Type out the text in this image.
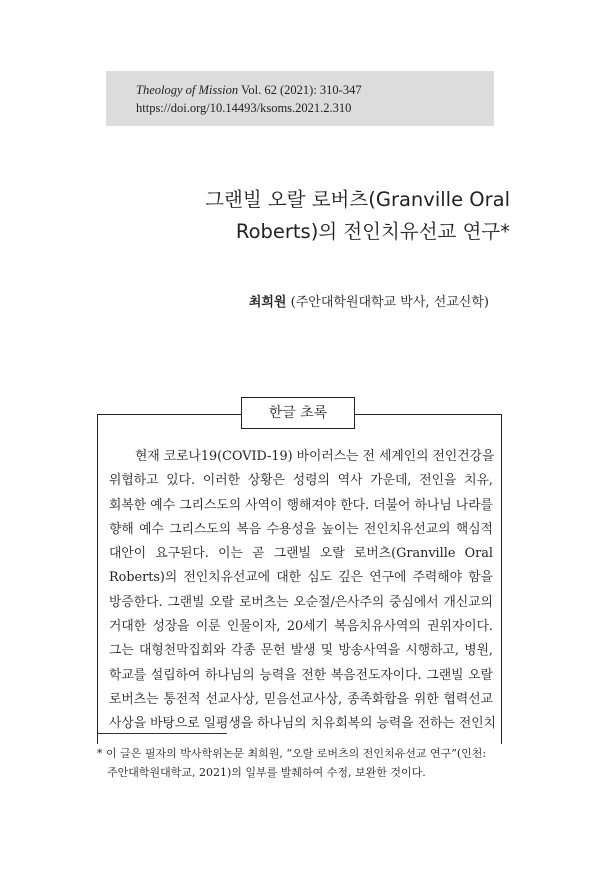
Theology of Mission Vol. 62 (2021): 310-347
https://doi.org/10.14493/ksoms.2021.2.310
그랜빌 오랄 로버츠(Granville Oral
Roberts)의 전인치유선교 연구*
최희원 (주안대학원대학교 박사, 선교신학)
한글 초록
현재 코로나19(COVID-19) 바이러스는 전 세계인의 전인건강을
위협하고 있다. 이러한 상황은 성령의 역사 가운데, 전인을 치유,
회복한 예수 그리스도의 사역이 행해져야 한다. 더불어 하나님 나라를
향해 예수 그리스도의 복음 수용성을 높이는 전인치유선교의 핵심적
대안이 요구된다. 이는 곧 그랜빌 오랄 로버츠(Granville Oral
Roberts)의 전인치유선교에 대한 심도 깊은 연구에 주력해야 함을
방증한다. 그랜빌 오랄 로버츠는 오순절/은사주의 중심에서 개신교의
거대한 성장을 이룬 인물이자, 20세기 복음치유사역의 권위자이다.
그는 대형천막집회와 각종 문헌 발생 및 방송사역을 시행하고, 병원,
학교를 설립하여 하나님의 능력을 전한 복음전도자이다. 그랜빌 오랄
로버츠는 통전적 선교사상, 믿음선교사상, 종족화합을 위한 협력선교
사상을 바탕으로 일평생을 하나님의 치유회복의 능력을 전하는 전인치
* 이 글은 필자의 박사학위논문 최희원, “오랄 로버츠의 전인치유선교 연구”(인천:
주안대학원대학교, 2021)의 일부를 발췌하여 수정, 보완한 것이다.
